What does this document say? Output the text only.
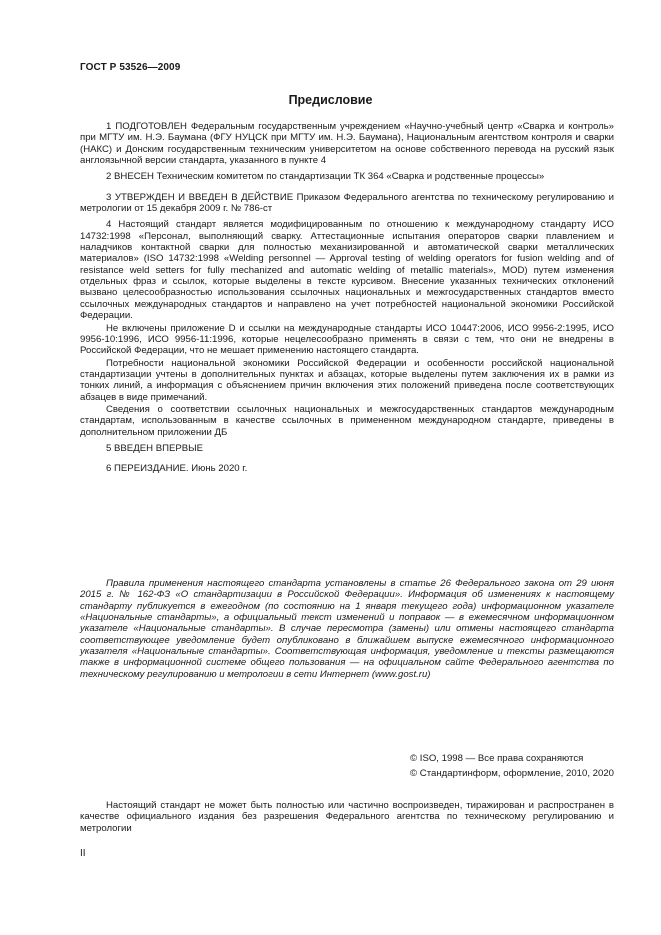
ГОСТ Р 53526—2009
Предисловие

1 ПОДГОТОВЛЕН Федеральным государственным учреждением «Научно-учебный центр «Сварка и контроль» при МГТУ им. Н.Э. Баумана (ФГУ НУЦСК при МГТУ им. Н.Э. Баумана), Национальным агентством контроля и сварки (НАКС) и Донским государственным техническим университетом на основе собственного перевода на русский язык англоязычной версии стандарта, указанного в пункте 4

2 ВНЕСЕН Техническим комитетом по стандартизации ТК 364 «Сварка и родственные процессы»

3 УТВЕРЖДЕН И ВВЕДЕН В ДЕЙСТВИЕ Приказом Федерального агентства по техническому регулированию и метрологии от 15 декабря 2009 г. № 786-ст

4 Настоящий стандарт является модифицированным по отношению к международному стандарту ИСО 14732:1998 «Персонал, выполняющий сварку. Аттестационные испытания операторов сварки плавлением и наладчиков контактной сварки для полностью механизированной и автоматической сварки металлических материалов» (ISO 14732:1998 «Welding personnel — Approval testing of welding operators for fusion welding and of resistance weld setters for fully mechanized and automatic welding of metallic materials», MOD) путем изменения отдельных фраз и ссылок, которые выделены в тексте курсивом. Внесение указанных технических отклонений вызвано целесообразностью использования ссылочных национальных и межгосударственных стандартов вместо ссылочных международных стандартов и направлено на учет потребностей национальной экономики Российской Федерации.

Не включены приложение D и ссылки на международные стандарты ИСО 10447:2006, ИСО 9956-2:1995, ИСО 9956-10:1996, ИСО 9956-11:1996, которые нецелесообразно применять в связи с тем, что они не внедрены в Российской Федерации, что не мешает применению настоящего стандарта.

Потребности национальной экономики Российской Федерации и особенности российской национальной стандартизации учтены в дополнительных пунктах и абзацах, которые выделены путем заключения их в рамки из тонких линий, а информация с объяснением причин включения этих положений приведена после соответствующих абзацев в виде примечаний.

Сведения о соответствии ссылочных национальных и межгосударственных стандартов международным стандартам, использованным в качестве ссылочных в примененном международном стандарте, приведены в дополнительном приложении ДБ

5 ВВЕДЕН ВПЕРВЫЕ

6 ПЕРЕИЗДАНИЕ. Июнь 2020 г.

Правила применения настоящего стандарта установлены в статье 26 Федерального закона от 29 июня 2015 г. № 162-ФЗ «О стандартизации в Российской Федерации». Информация об изменениях к настоящему стандарту публикуется в ежегодном (по состоянию на 1 января текущего года) информационном указателе «Национальные стандарты», а официальный текст изменений и поправок — в ежемесячном информационном указателе «Национальные стандарты». В случае пересмотра (замены) или отмены настоящего стандарта соответствующее уведомление будет опубликовано в ближайшем выпуске ежемесячного информационного указателя «Национальные стандарты». Соответствующая информация, уведомление и тексты размещаются также в информационной системе общего пользования — на официальном сайте Федерального агентства по техническому регулированию и метрологии в сети Интернет (www.gost.ru)

© ISO, 1998 — Все права сохраняются
© Стандартинформ, оформление, 2010, 2020

Настоящий стандарт не может быть полностью или частично воспроизведен, тиражирован и распространен в качестве официального издания без разрешения Федерального агентства по техническому регулированию и метрологии

II
